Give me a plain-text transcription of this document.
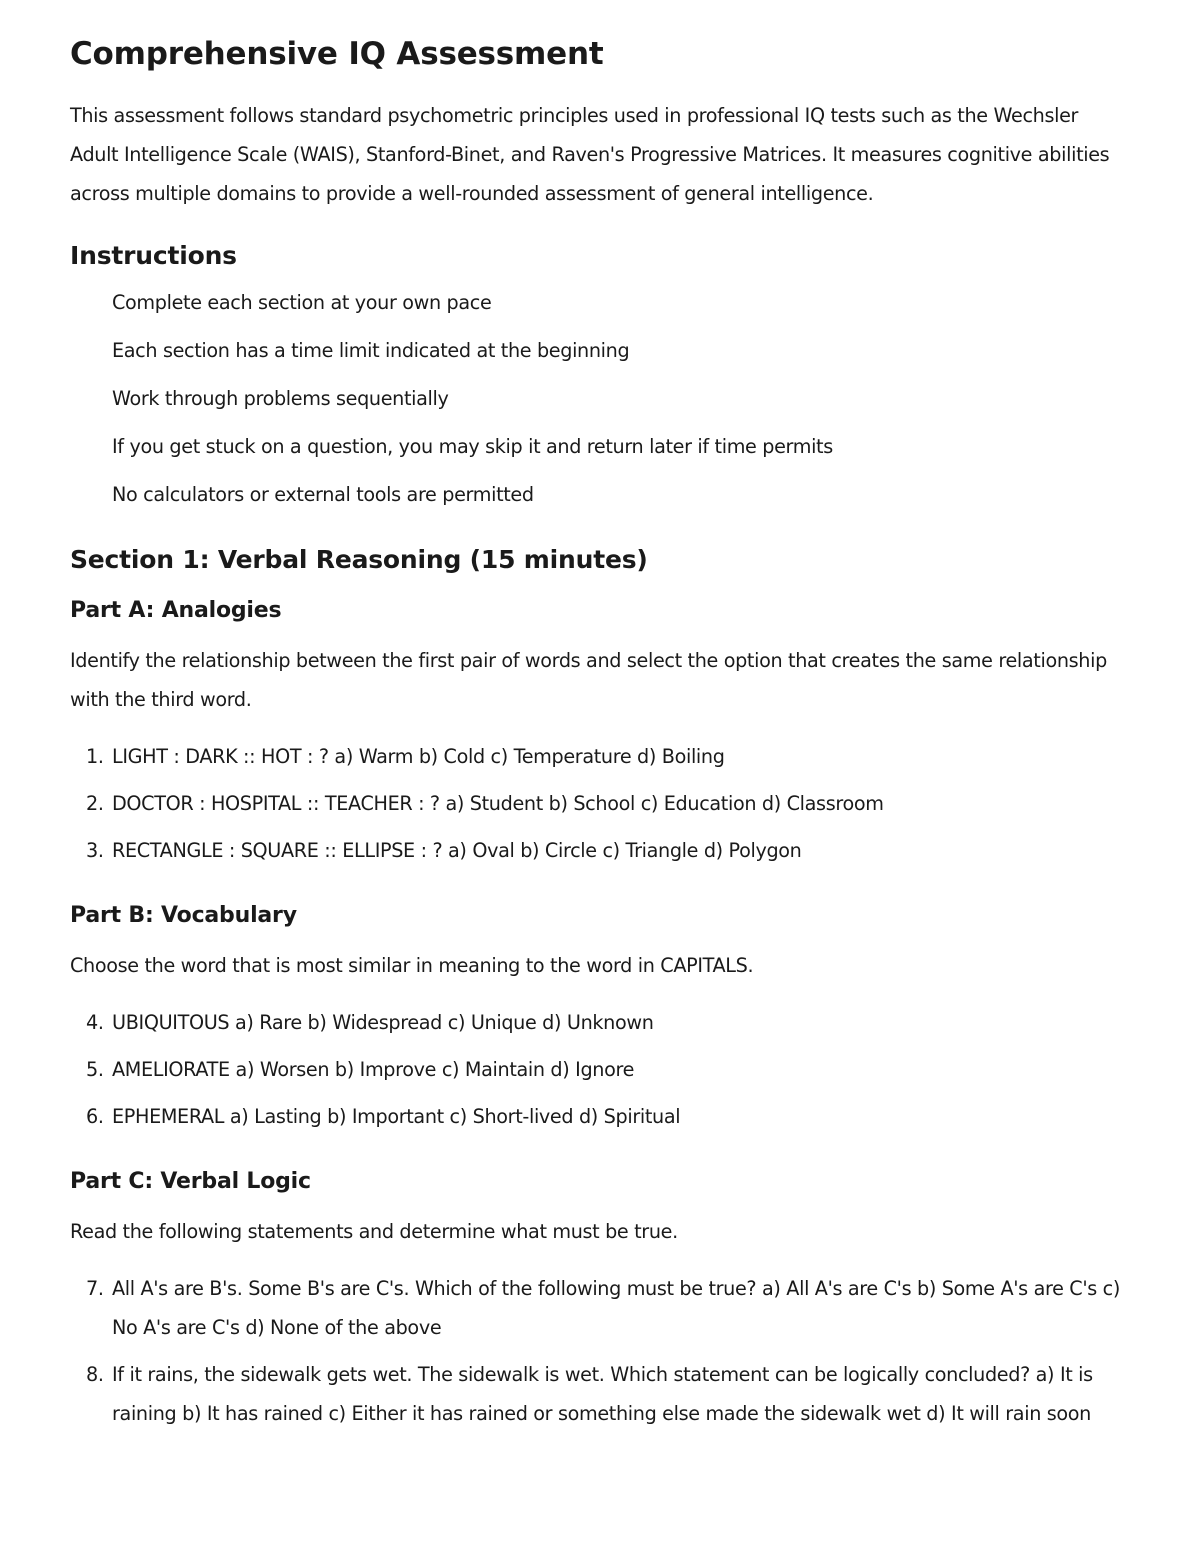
Comprehensive IQ Assessment

This assessment follows standard psychometric principles used in professional IQ tests such as the Wechsler Adult Intelligence Scale (WAIS), Stanford-Binet, and Raven's Progressive Matrices. It measures cognitive abilities across multiple domains to provide a well-rounded assessment of general intelligence.

Instructions
Complete each section at your own pace
Each section has a time limit indicated at the beginning
Work through problems sequentially
If you get stuck on a question, you may skip it and return later if time permits
No calculators or external tools are permitted
Section 1: Verbal Reasoning (15 minutes)
Part A: Analogies

Identify the relationship between the first pair of words and select the option that creates the same relationship with the third word.

1. LIGHT : DARK :: HOT : ? a) Warm b) Cold c) Temperature d) Boiling
2. DOCTOR : HOSPITAL :: TEACHER : ? a) Student b) School c) Education d) Classroom
3. RECTANGLE : SQUARE :: ELLIPSE : ? a) Oval b) Circle c) Triangle d) Polygon
Part B: Vocabulary

Choose the word that is most similar in meaning to the word in CAPITALS.

4. UBIQUITOUS a) Rare b) Widespread c) Unique d) Unknown
5. AMELIORATE a) Worsen b) Improve c) Maintain d) Ignore
6. EPHEMERAL a) Lasting b) Important c) Short-lived d) Spiritual
Part C: Verbal Logic

Read the following statements and determine what must be true.

7. All A's are B's. Some B's are C's. Which of the following must be true? a) All A's are C's b) Some A's are C's c) No A's are C's d) None of the above
8. If it rains, the sidewalk gets wet. The sidewalk is wet. Which statement can be logically concluded? a) It is raining b) It has rained c) Either it has rained or something else made the sidewalk wet d) It will rain soon
